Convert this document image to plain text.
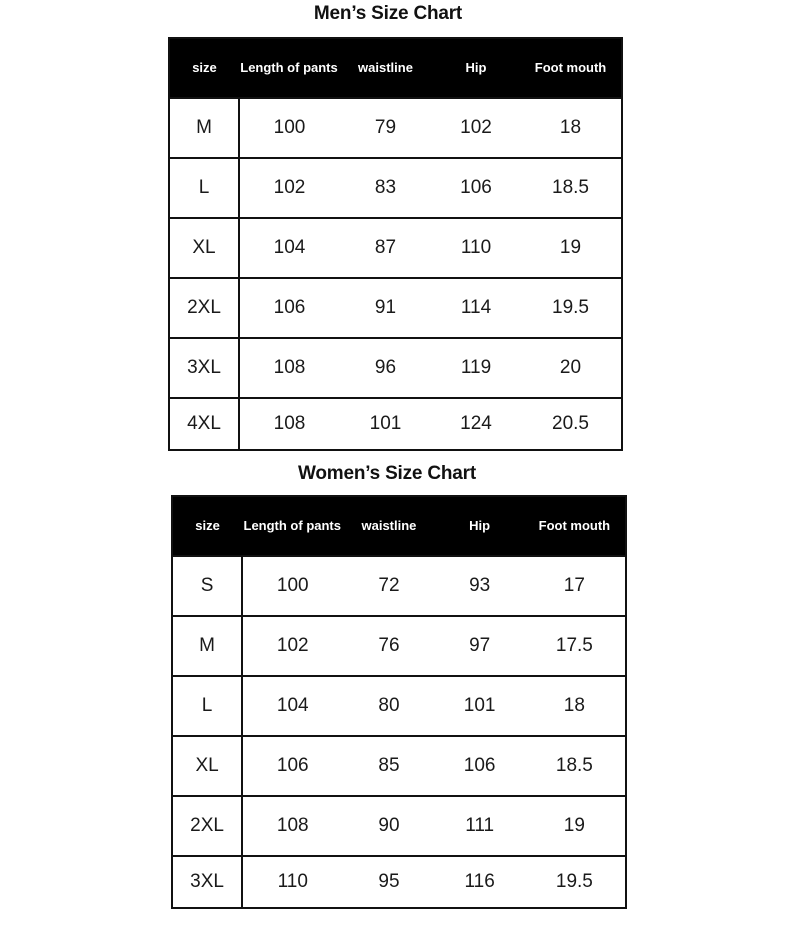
Men’s Size Chart
size	Length of pants	waistline	Hip	Foot mouth
M	100	79	102	18
L	102	83	106	18.5
XL	104	87	110	19
2XL	106	91	114	19.5
3XL	108	96	119	20
4XL	108	101	124	20.5
Women’s Size Chart
size	Length of pants	waistline	Hip	Foot mouth
S	100	72	93	17
M	102	76	97	17.5
L	104	80	101	18
XL	106	85	106	18.5
2XL	108	90	111	19
3XL	110	95	116	19.5
